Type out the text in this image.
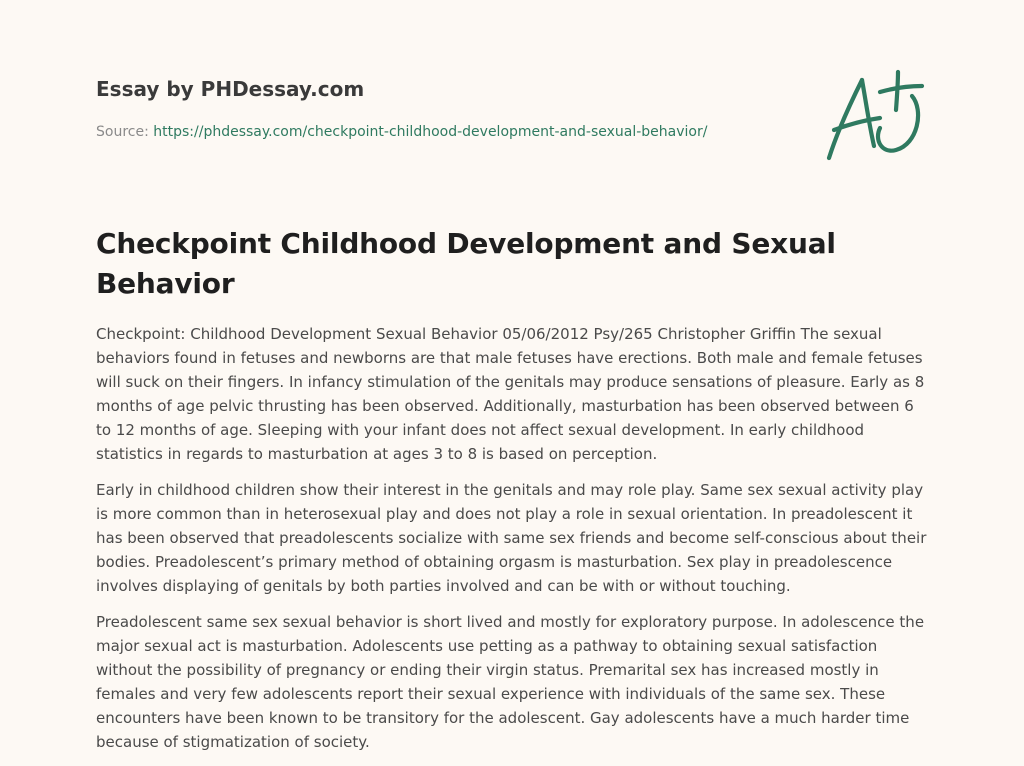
Essay by PHDessay.com
Source: https://phdessay.com/checkpoint-childhood-development-and-sexual-behavior/
Checkpoint Childhood Development and Sexual Behavior

Checkpoint: Childhood Development Sexual Behavior 05/06/2012 Psy/265 Christopher Griffin The sexual behaviors found in fetuses and newborns are that male fetuses have erections. Both male and female fetuses will suck on their fingers. In infancy stimulation of the genitals may produce sensations of pleasure. Early as 8 months of age pelvic thrusting has been observed. Additionally, masturbation has been observed between 6 to 12 months of age. Sleeping with your infant does not affect sexual development. In early childhood statistics in regards to masturbation at ages 3 to 8 is based on perception.

Early in childhood children show their interest in the genitals and may role play. Same sex sexual activity play is more common than in heterosexual play and does not play a role in sexual orientation. In preadolescent it has been observed that preadolescents socialize with same sex friends and become self-conscious about their bodies. Preadolescent’s primary method of obtaining orgasm is masturbation. Sex play in preadolescence involves displaying of genitals by both parties involved and can be with or without touching.

Preadolescent same sex sexual behavior is short lived and mostly for exploratory purpose. In adolescence the major sexual act is masturbation. Adolescents use petting as a pathway to obtaining sexual satisfaction without the possibility of pregnancy or ending their virgin status. Premarital sex has increased mostly in females and very few adolescents report their sexual experience with individuals of the same sex. These encounters have been known to be transitory for the adolescent. Gay adolescents have a much harder time because of stigmatization of society.
